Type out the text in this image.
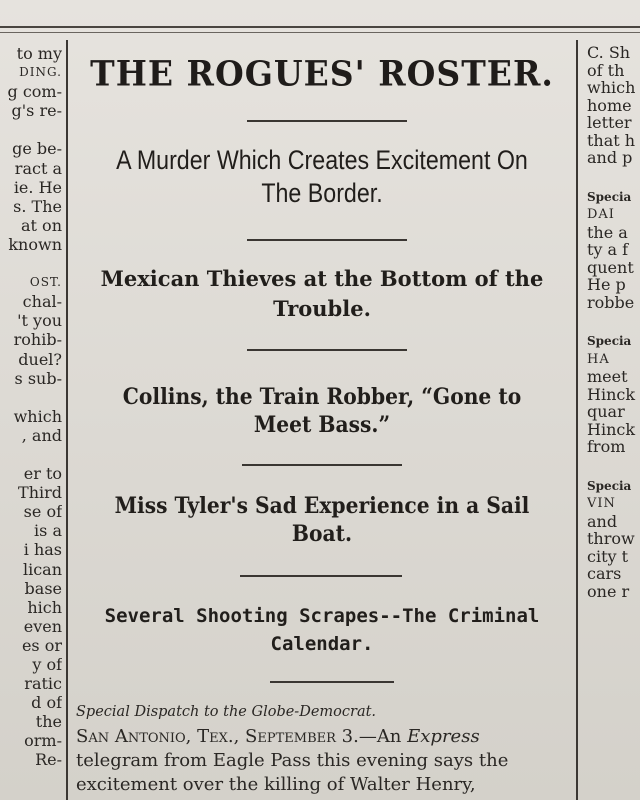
to my
DING.
g com-
g's re-

ge be-
ract a
ie. He
s. The
at on
known

OST.
chal-
't you
rohib-
duel?
s sub-

which
, and

er to
Third
se of
is a
i has
lican
base
hich
even
es or
y of
ratic
d of
the
orm-
Re-
THE ROGUES' ROSTER.
A Murder Which Creates Excitement On The Border.
Mexican Thieves at the Bottom of the Trouble.
Collins, the Train Robber, “Gone to Meet Bass.”
Miss Tyler's Sad Experience in a Sail Boat.
Several Shooting Scrapes--The Criminal Calendar.
Special Dispatch to the Globe-Democrat.
San Antonio, Tex., September 3.—An Express
telegram from Eagle Pass this evening says the
excitement over the killing of Walter Henry,
C. Sh
of th
which
home
letter
that h
and p
Specia
DAI
the a
ty a f
quent
He p
robbe
Specia
HA
meet
Hinck
quar
Hinck
from
Specia
VIN
and
throw
city t
cars
one r
